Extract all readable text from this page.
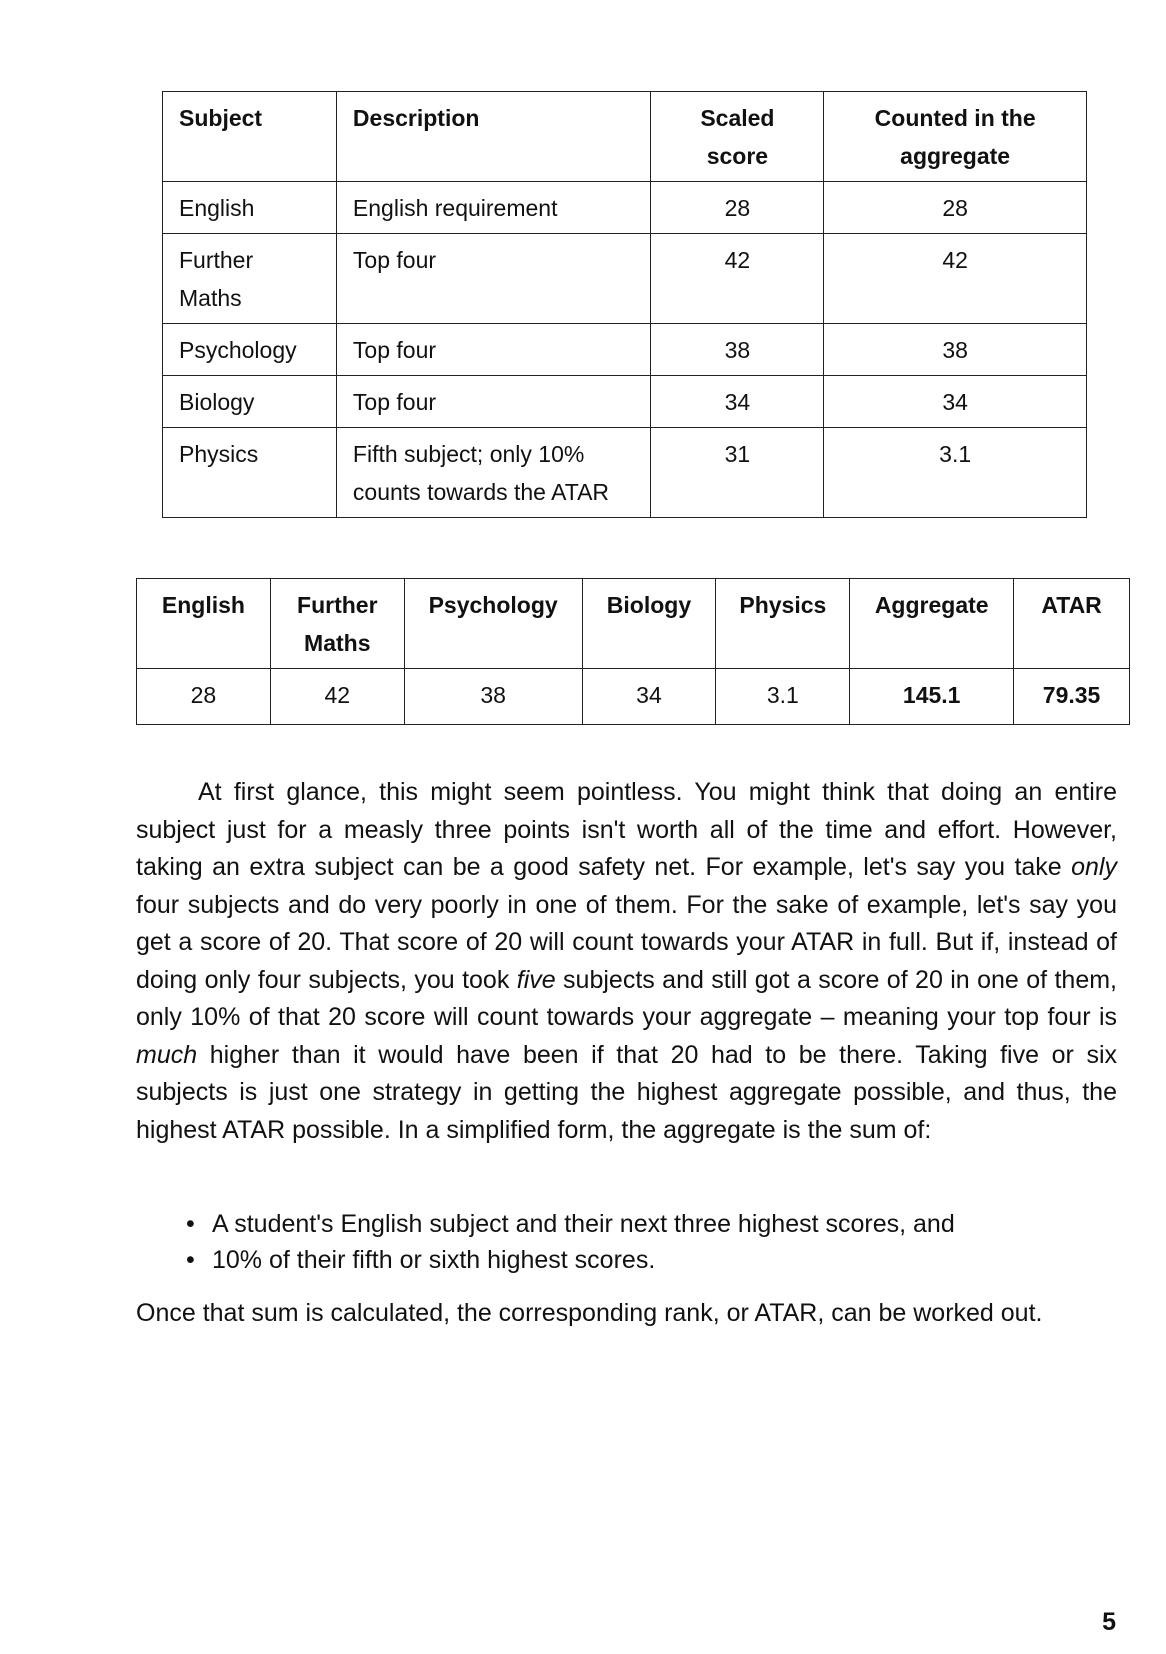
Subject	Description	Scaled score	Counted in the aggregate
English	English requirement	28	28
Further Maths	Top four	42	42
Psychology	Top four	38	38
Biology	Top four	34	34
Physics	Fifth subject; only 10% counts towards the ATAR	31	3.1
English	Further Maths	Psychology	Biology	Physics	Aggregate	ATAR
28	42	38	34	3.1	145.1	79.35

At first glance, this might seem pointless. You might think that doing an entire subject just for a measly three points isn't worth all of the time and effort. However, taking an extra subject can be a good safety net. For example, let's say you take only four subjects and do very poorly in one of them. For the sake of example, let's say you get a score of 20. That score of 20 will count towards your ATAR in full. But if, instead of doing only four subjects, you took five subjects and still got a score of 20 in one of them, only 10% of that 20 score will count towards your aggregate – meaning your top four is much higher than it would have been if that 20 had to be there. Taking five or six subjects is just one strategy in getting the highest aggregate possible, and thus, the highest ATAR possible. In a simplified form, the aggregate is the sum of:

• A student's English subject and their next three highest scores, and
• 10% of their fifth or sixth highest scores.

Once that sum is calculated, the corresponding rank, or ATAR, can be worked out.

5
